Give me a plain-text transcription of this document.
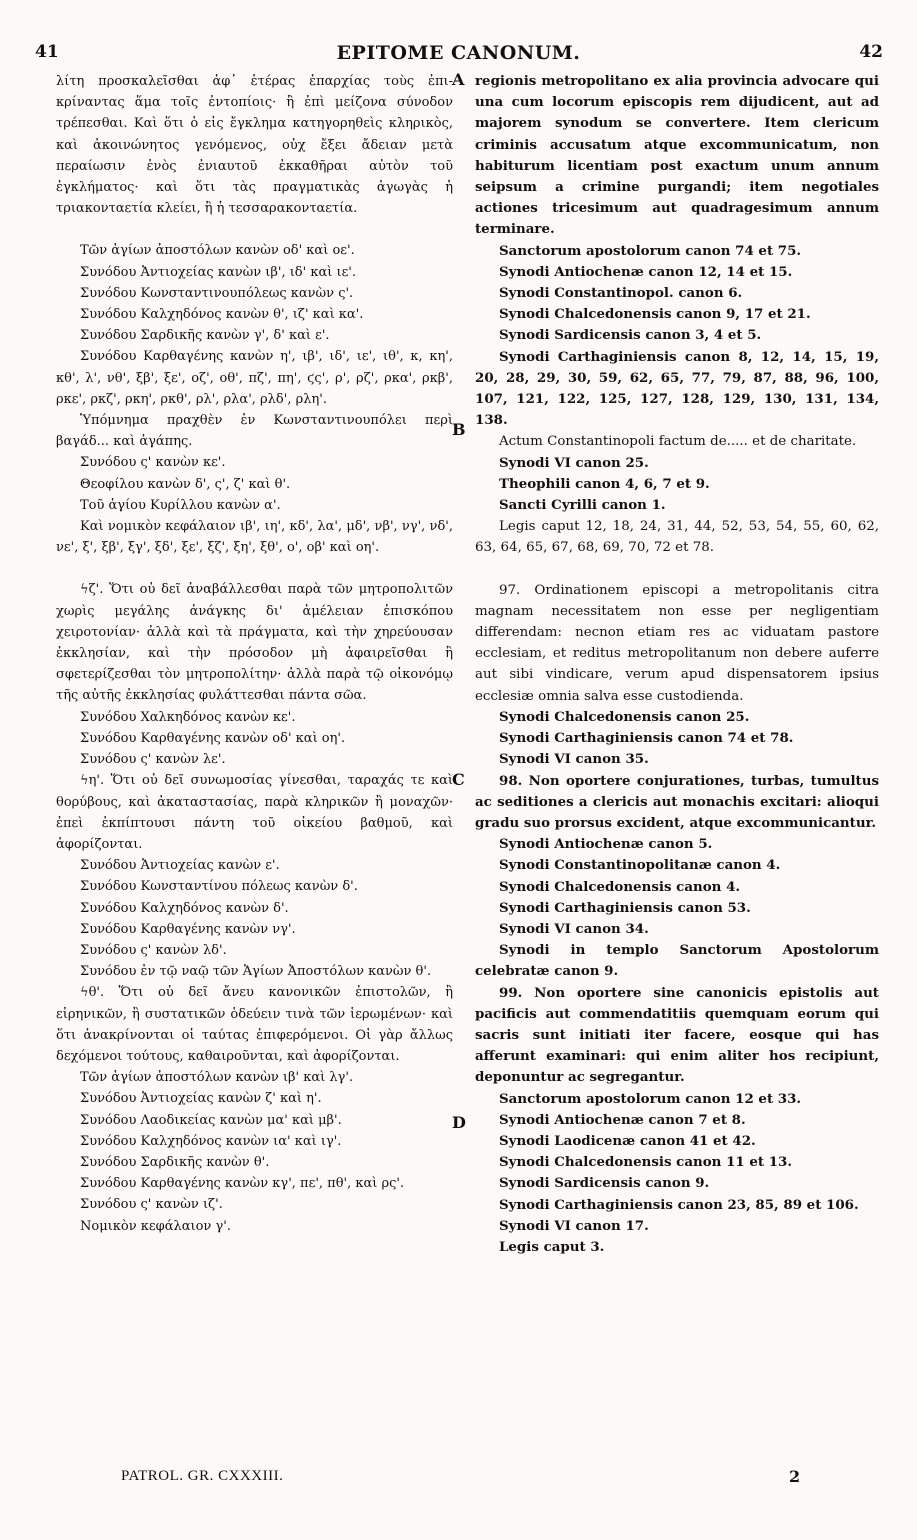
41	EPITOME CANONUM.	42

λίτη προσκαλεῖσθαι ἀφ᾽ ἑτέρας ἐπαρχίας τοὺς ἐπι- κρίναντας ἅμα τοῖς ἐντοπίοις· ἢ ἐπὶ μείζονα σύνοδον τρέπεσθαι. Καὶ ὅτι ὁ εἰς ἔγκλημα κατηγορηθεὶς κληρικὸς, καὶ ἀκοινώνητος γενόμενος, οὐχ ἔξει ἄδειαν μετὰ περαίωσιν ἑνὸς ἐνιαυτοῦ ἐκκαθῆραι αὐτὸν τοῦ ἐγκλήματος· καὶ ὅτι τὰς πραγματικὰς ἀγωγὰς ἡ τριακονταετία κλείει, ἢ ἡ τεσσαρακονταετία.

Τῶν ἁγίων ἀποστόλων κανὼν οδ' καὶ οε'.

Συνόδου Ἀντιοχείας κανὼν ιβ', ιδ' καὶ ιε'.

Συνόδου Κωνσταντινουπόλεως κανὼν ς'.

Συνόδου Καλχηδόνος κανὼν θ', ιζ' καὶ κα'.

Συνόδου Σαρδικῆς κανὼν γ', δ' καὶ ε'.

Συνόδου Καρθαγένης κανὼν η', ιβ', ιδ', ιε', ιθ', κ, κη', κθ', λ', νθ', ξβ', ξε', οζ', οθ', πζ', πη', ϛς', ρ', ρζ', ρκα', ρκβ', ρκε', ρκζ', ρκη', ρκθ', ρλ', ρλα', ρλδ', ρλη'.

Ὑπόμνημα πραχθὲν ἐν Κωνσταντινουπόλει περὶ βαγάδ... καὶ ἀγάπης.

Συνόδου ς' κανὼν κε'.

Θεοφίλου κανὼν δ', ς', ζ' καὶ θ'.

Τοῦ ἁγίου Κυρίλλου κανὼν α'.

Καὶ νομικὸν κεφάλαιον ιβ', ιη', κδ', λα', μδ', νβ', νγ', νδ', νε', ξ', ξβ', ξγ', ξδ', ξε', ξζ', ξη', ξθ', ο', οβ' καὶ οη'.

ϟζ'. Ὅτι οὐ δεῖ ἀναβάλλεσθαι παρὰ τῶν μητροπολιτῶν χωρὶς μεγάλης ἀνάγκης δι' ἀμέλειαν ἐπισκόπου χειροτονίαν· ἀλλὰ καὶ τὰ πράγματα, καὶ τὴν χηρεύουσαν ἐκκλησίαν, καὶ τὴν πρόσοδον μὴ ἀφαιρεῖσθαι ἢ σφετερίζεσθαι τὸν μητροπολίτην· ἀλλὰ παρὰ τῷ οἰκονόμῳ τῆς αὐτῆς ἐκκλησίας φυλάττεσθαι πάντα σῶα.

Συνόδου Χαλκηδόνος κανὼν κε'.

Συνόδου Καρθαγένης κανὼν οδ' καὶ οη'.

Συνόδου ς' κανὼν λε'.

ϟη'. Ὅτι οὐ δεῖ συνωμοσίας γίνεσθαι, ταραχάς τε καὶ θορύβους, καὶ ἀκαταστασίας, παρὰ κληρικῶν ἢ μοναχῶν· ἐπεὶ ἐκπίπτουσι πάντη τοῦ οἰκείου βαθμοῦ, καὶ ἀφορίζονται.

Συνόδου Ἀντιοχείας κανὼν ε'.

Συνόδου Κωνσταντίνου πόλεως κανὼν δ'.

Συνόδου Καλχηδόνος κανὼν δ'.

Συνόδου Καρθαγένης κανὼν νγ'.

Συνόδου ς' κανὼν λδ'.

Συνόδου ἐν τῷ ναῷ τῶν Ἁγίων Ἀποστόλων κανὼν θ'.

ϟθ'. Ὅτι οὐ δεῖ ἄνευ κανονικῶν ἐπιστολῶν, ἢ εἰρηνικῶν, ἢ συστατικῶν ὁδεύειν τινὰ τῶν ἱερωμένων· καὶ ὅτι ἀνακρίνονται οἱ ταύτας ἐπιφερόμενοι. Οἱ γὰρ ἄλλως δεχόμενοι τούτους, καθαιροῦνται, καὶ ἀφορίζονται.

Τῶν ἁγίων ἀποστόλων κανὼν ιβ' καὶ λγ'.

Συνόδου Ἀντιοχείας κανὼν ζ' καὶ η'.

Συνόδου Λαοδικείας κανὼν μα' καὶ μβ'.

Συνόδου Καλχηδόνος κανὼν ια' καὶ ιγ'.

Συνόδου Σαρδικῆς κανὼν θ'.

Συνόδου Καρθαγένης κανὼν κγ', πε', πθ', καὶ ρς'.

Συνόδου ς' κανὼν ιζ'.

Νομικὸν κεφάλαιον γ'.

regionis metropolitano ex alia provincia advocare qui una cum locorum episcopis rem dijudicent, aut ad majorem synodum se convertere. Item clericum criminis accusatum atque excommunicatum, non habiturum licentiam post exactum unum annum seipsum a crimine purgandi; item negotiales actiones tricesimum aut quadragesimum annum terminare.

Sanctorum apostolorum canon 74 et 75.

Synodi Antiochenæ canon 12, 14 et 15.

Synodi Constantinopol. canon 6.

Synodi Chalcedonensis canon 9, 17 et 21.

Synodi Sardicensis canon 3, 4 et 5.

Synodi Carthaginiensis canon 8, 12, 14, 15, 19, 20, 28, 29, 30, 59, 62, 65, 77, 79, 87, 88, 96, 100, 107, 121, 122, 125, 127, 128, 129, 130, 131, 134, 138.

Actum Constantinopoli factum de..... et de charitate.

Synodi VI canon 25.

Theophili canon 4, 6, 7 et 9.

Sancti Cyrilli canon 1.

Legis caput 12, 18, 24, 31, 44, 52, 53, 54, 55, 60, 62, 63, 64, 65, 67, 68, 69, 70, 72 et 78.

97. Ordinationem episcopi a metropolitanis citra magnam necessitatem non esse per negligentiam differendam: necnon etiam res ac viduatam pastore ecclesiam, et reditus metropolitanum non debere auferre aut sibi vindicare, verum apud dispensatorem ipsius ecclesiæ omnia salva esse custodienda.

Synodi Chalcedonensis canon 25.

Synodi Carthaginiensis canon 74 et 78.

Synodi VI canon 35.

98. Non oportere conjurationes, turbas, tumultus ac seditiones a clericis aut monachis excitari: alioqui gradu suo prorsus excident, atque excommunicantur.

Synodi Antiochenæ canon 5.

Synodi Constantinopolitanæ canon 4.

Synodi Chalcedonensis canon 4.

Synodi Carthaginiensis canon 53.

Synodi VI canon 34.

Synodi in templo Sanctorum Apostolorum celebratæ canon 9.

99. Non oportere sine canonicis epistolis aut pacificis aut commendatitiis quemquam eorum qui sacris sunt initiati iter facere, eosque qui has afferunt examinari: qui enim aliter hos recipiunt, deponuntur ac segregantur.

Sanctorum apostolorum canon 12 et 33.

Synodi Antiochenæ canon 7 et 8.

Synodi Laodicenæ canon 41 et 42.

Synodi Chalcedonensis canon 11 et 13.

Synodi Sardicensis canon 9.

Synodi Carthaginiensis canon 23, 85, 89 et 106.

Synodi VI canon 17.

Legis caput 3.

A
B
C
D
PATROL. GR. CXXXIII.	2
